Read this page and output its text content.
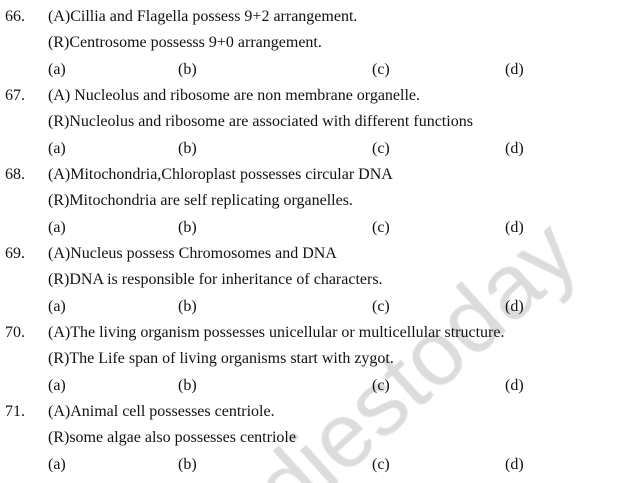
66. (A)Cillia and Flagella possess 9+2 arrangement.
(R)Centrosome possesss 9+0 arrangement.
(a)	(b)	(c)	(d)
67. (A) Nucleolus and ribosome are non membrane organelle.
(R)Nucleolus and ribosome are associated with different functions
(a)	(b)	(c)	(d)
68. (A)Mitochondria,Chloroplast possesses circular DNA
(R)Mitochondria are self replicating organelles.
(a)	(b)	(c)	(d)
69. (A)Nucleus possess Chromosomes and DNA
(R)DNA is responsible for inheritance of characters.
(a)	(b)	(c)	(d)
70. (A)The living organism possesses unicellular or multicellular structure.
(R)The Life span of living organisms start with zygot.
(a)	(b)	(c)	(d)
71. (A)Animal cell possesses centriole.
(R)some algae also possesses centriole
(a)	(b)	(c)	(d)
